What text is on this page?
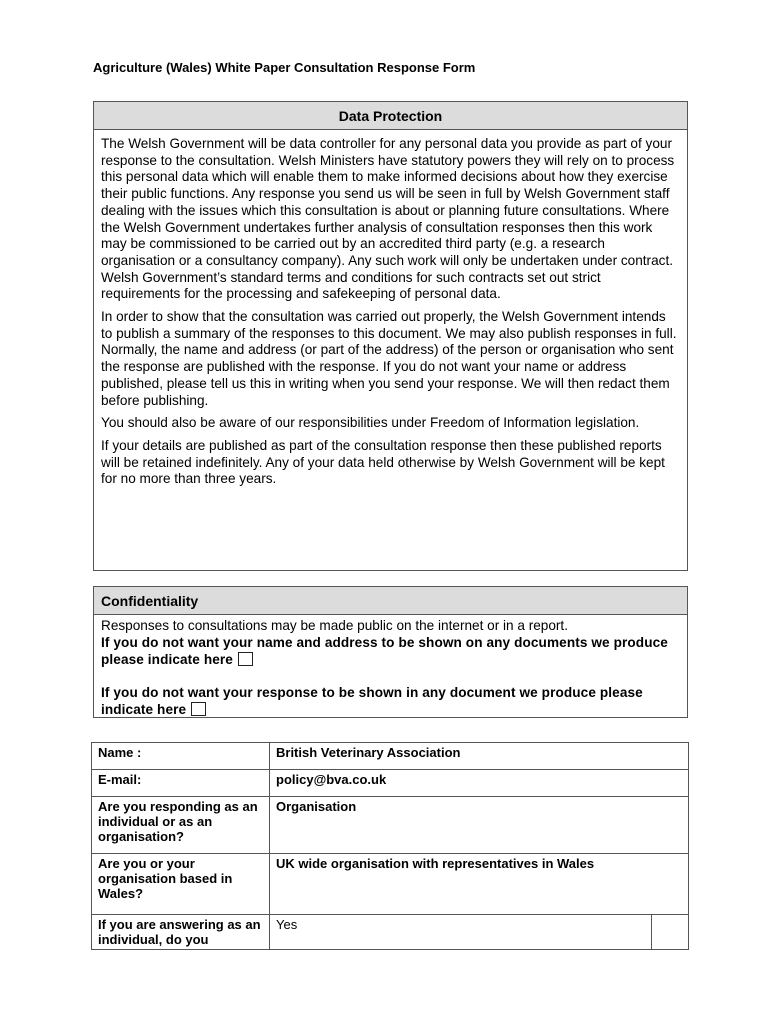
Agriculture (Wales) White Paper Consultation Response Form
Data Protection

The Welsh Government will be data controller for any personal data you provide as part of your response to the consultation. Welsh Ministers have statutory powers they will rely on to process this personal data which will enable them to make informed decisions about how they exercise their public functions. Any response you send us will be seen in full by Welsh Government staff dealing with the issues which this consultation is about or planning future consultations. Where the Welsh Government undertakes further analysis of consultation responses then this work may be commissioned to be carried out by an accredited third party (e.g. a research organisation or a consultancy company). Any such work will only be undertaken under contract. Welsh Government’s standard terms and conditions for such contracts set out strict requirements for the processing and safekeeping of personal data.

In order to show that the consultation was carried out properly, the Welsh Government intends to publish a summary of the responses to this document. We may also publish responses in full. Normally, the name and address (or part of the address) of the person or organisation who sent the response are published with the response. If you do not want your name or address published, please tell us this in writing when you send your response. We will then redact them before publishing.

You should also be aware of our responsibilities under Freedom of Information legislation.

If your details are published as part of the consultation response then these published reports will be retained indefinitely. Any of your data held otherwise by Welsh Government will be kept for no more than three years.

Confidentiality

Responses to consultations may be made public on the internet or in a report.

If you do not want your name and address to be shown on any documents we produce please indicate here

If you do not want your response to be shown in any document we produce please indicate here

Name :	British Veterinary Association	
E-mail:	policy@bva.co.uk	
Are you responding as an individual or as an organisation?	Organisation	
Are you or your organisation based in Wales?	UK wide organisation with representatives in Wales	
If you are answering as an individual, do you	Yes	
